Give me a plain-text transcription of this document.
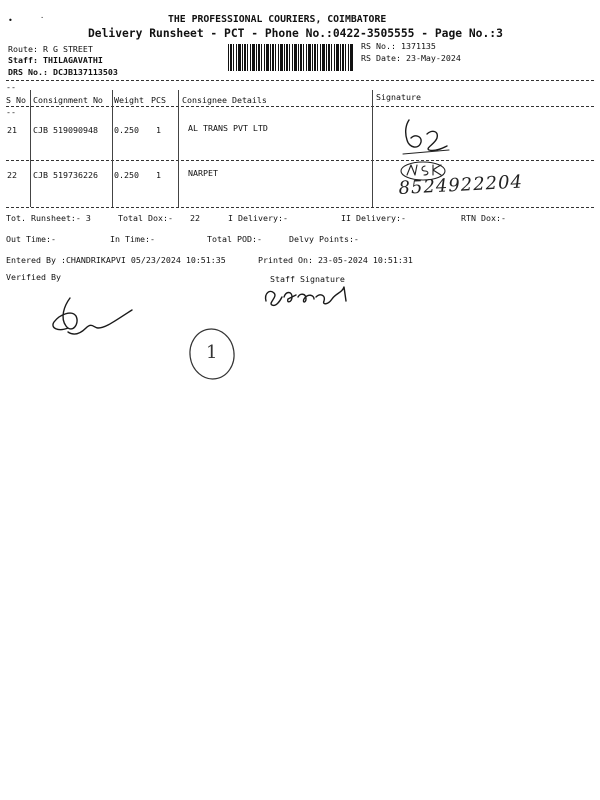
THE PROFESSIONAL COURIERS, COIMBATORE
Delivery Runsheet - PCT - Phone No.:0422-3505555 - Page No.:3
•	·
Route: R G STREET
Staff: THILAGAVATHI
DRS No.: DCJB137113503
RS No.: 1371135
RS Date: 23-May-2024
--
--
S No Consignment No Weight PCS Consignee Details	Signature
21 CJB 519090948 0.250 1	AL TRANS PVT LTD
22 CJB 519736226 0.250 1	NARPET	8524922204
Tot. Runsheet:- 3	Total Dox:- 22	I Delivery:-	II Delivery:-	RTN Dox:-
Out Time:-	In Time:-	Total POD:-	Delvy Points:-
Entered By :CHANDRIKAPVI 05/23/2024 10:51:35	Printed On: 23-05-2024 10:51:31
Verified By	Staff Signature
1
